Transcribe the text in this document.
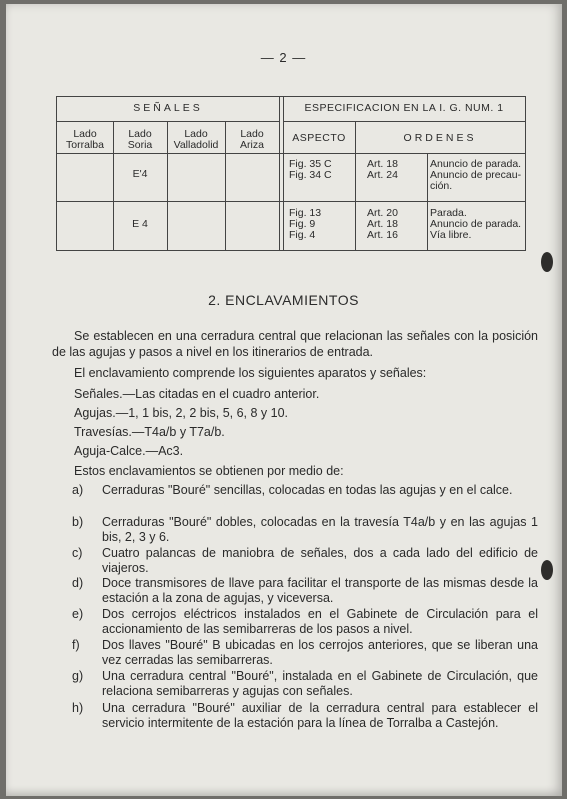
— 2 —
SEÑALES	ESPECIFICACION EN LA I. G. NUM. 1
Lado
Torralba
Lado
Soria
Lado
Valladolid
Lado
Ariza
ASPECTO	ORDENES
E'4
Fig. 35 C
Fig. 34 C
Art. 18
Art. 24
Anuncio de parada.
Anuncio de precau-
ción.
E 4
Fig. 13
Fig. 9
Fig. 4
Art. 20
Art. 18
Art. 16
Parada.
Anuncio de parada.
Vía libre.
2. ENCLAVAMIENTOS
Se establecen en una cerradura central que relacionan las señales con la posición de las agujas y pasos a nivel en los itinerarios de entrada.
El enclavamiento comprende los siguientes aparatos y señales:
Señales.—Las citadas en el cuadro anterior.
Agujas.—1, 1 bis, 2, 2 bis, 5, 6, 8 y 10.
Travesías.—T4a/b y T7a/b.
Aguja-Calce.—Ac3.
Estos enclavamientos se obtienen por medio de:
a) Cerraduras "Bouré" sencillas, colocadas en todas las agujas y en el calce.
b) Cerraduras "Bouré" dobles, colocadas en la travesía T4a/b y en las agujas 1 bis, 2, 3 y 6.
c) Cuatro palancas de maniobra de señales, dos a cada lado del edificio de viajeros.
d) Doce transmisores de llave para facilitar el transporte de las mismas desde la estación a la zona de agujas, y viceversa.
e) Dos cerrojos eléctricos instalados en el Gabinete de Circulación para el accionamiento de las semibarreras de los pasos a nivel.
f) Dos llaves "Bouré" B ubicadas en los cerrojos anteriores, que se liberan una vez cerradas las semibarreras.
g) Una cerradura central "Bouré", instalada en el Gabinete de Circulación, que relaciona semibarreras y agujas con señales.
h) Una cerradura "Bouré" auxiliar de la cerradura central para establecer el servicio intermitente de la estación para la línea de Torralba a Castejón.
